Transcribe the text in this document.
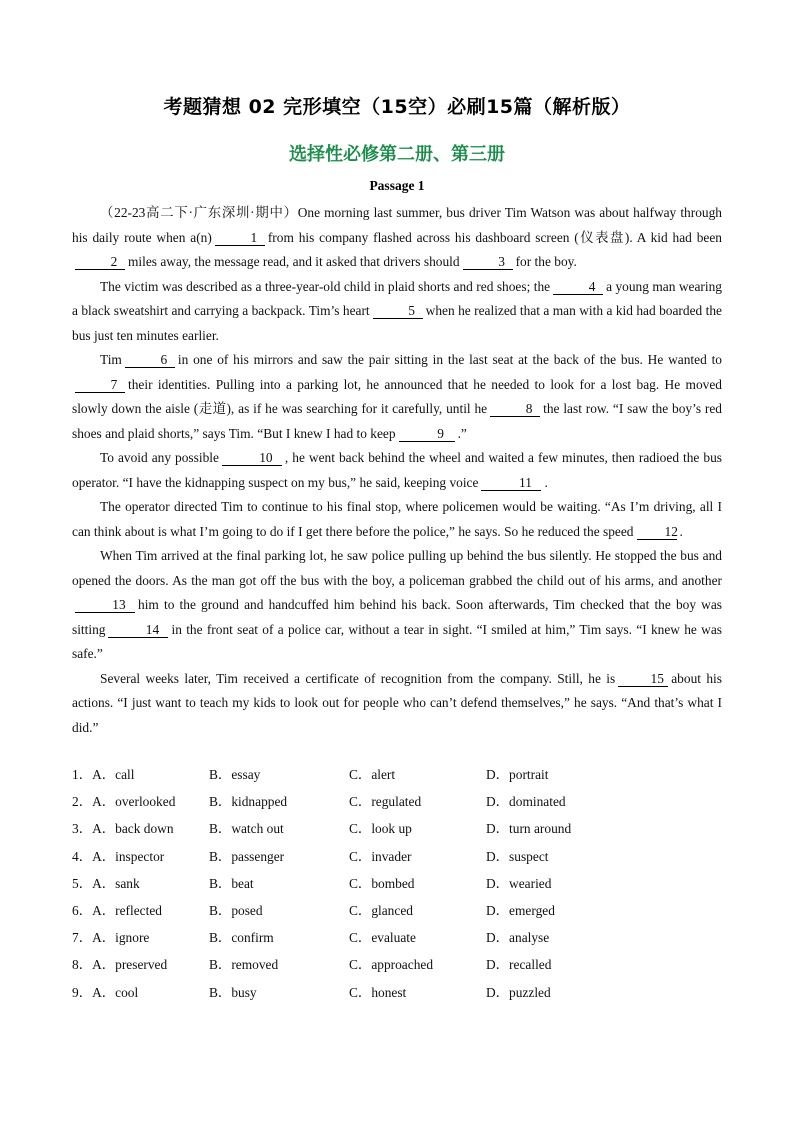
考题猜想 02 完形填空（15空）必刷15篇（解析版）
选择性必修第二册、第三册
Passage 1

（22-23高二下·广东深圳·期中）One morning last summer, bus driver Tim Watson was about halfway through his daily route when a(n)	1 from his company flashed across his dashboard screen (仪表盘). A kid had been2 miles away, the message read, and it asked that drivers should	3 for the boy.

The victim was described as a three-year-old child in plaid shorts and red shoes; the	4 a young man wearing a black sweatshirt and carrying a backpack. Tim’s heart	5 when he realized that a man with a kid had boarded the bus just ten minutes earlier.

Tim	6 in one of his mirrors and saw the pair sitting in the last seat at the back of the bus. He wanted to7 their identities. Pulling into a parking lot, he announced that he needed to look for a lost bag. He moved slowly down the aisle (走道), as if he was searching for it carefully, until he	8 the last row. “I saw the boy’s red shoes and plaid shorts,” says Tim. “But I knew I had to keep	9 .”

To avoid any possible	10 , he went back behind the wheel and waited a few minutes, then radioed the bus operator. “I have the kidnapping suspect on my bus,” he said, keeping voice	11 .

The operator directed Tim to continue to his final stop, where policemen would be waiting. “As I’m driving, all I can think about is what I’m going to do if I get there before the police,” he says. So he reduced the speed 12 .

When Tim arrived at the final parking lot, he saw police pulling up behind the bus silently. He stopped the bus and opened the doors. As the man got off the bus with the boy, a policeman grabbed the child out of his arms, and another13 him to the ground and handcuffed him behind his back. Soon afterwards, Tim checked that the boy was sitting	14 in the front seat of a police car, without a tear in sight. “I smiled at him,” Tim says. “I knew he was safe.”

Several weeks later, Tim received a certificate of recognition from the company. Still, he is	15 about his actions. “I just want to teach my kids to look out for people who can’t defend themselves,” he says. “And that’s what I did.”

1．A．call	B．essay	C．alert	D．portrait
2．A．overlooked	B．kidnapped	C．regulated	D．dominated
3．A．back down	B．watch out	C．look up	D．turn around
4．A．inspector	B．passenger	C．invader	D．suspect
5．A．sank	B．beat	C．bombed	D．wearied
6．A．reflected	B．posed	C．glanced	D．emerged
7．A．ignore	B．confirm	C．evaluate	D．analyse
8．A．preserved	B．removed	C．approached	D．recalled
9．A．cool	B．busy	C．honest	D．puzzled
